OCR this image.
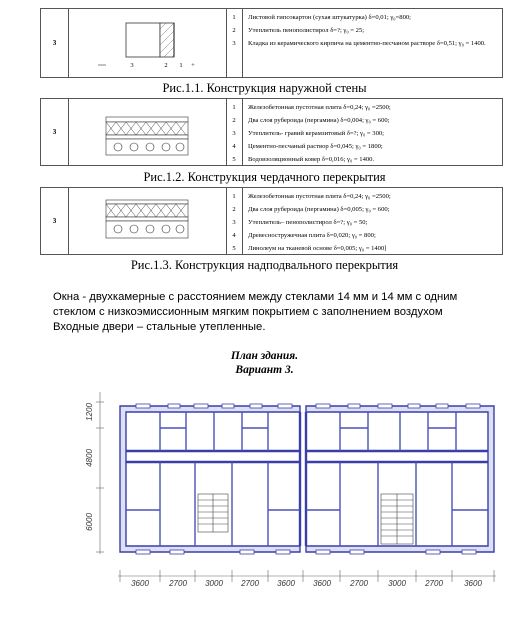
3
3	2 1 +
1	Листовой гипсокартон (сухая штукатурка) δ=0,01; γ₀=800;
2	Утеплитель пенополистирол δ=?; γ₀ = 25;
3	Кладка из керамического кирпича на цементно-песчаном растворе δ=0,51; γ₀ = 1400.
Рис.1.1. Конструкция наружной стены
3
1	Железобетонная пустотная плита δ=0,24; γ₀ =2500;
2	Два слоя рубероида (пергамина) δ=0,004; γ₀ = 600;
3	Утеплитель- гравий керамзитовый δ=?; γ₀ = 300;
4	Цементно-песчаный раствор δ=0,045; γ₀ = 1800;
5	Водоизоляционный ковер δ=0,016; γ₀ = 1400.
Рис.1.2. Конструкция чердачного перекрытия
3
1	Железобетонная пустотная плита δ=0,24; γ₀ =2500;
2	Два слоя рубероида (пергамина) δ=0,005; γ₀ = 600;
3	Утеплитель– пенополистирол δ=?; γ₀ = 50;
4	Древесностружечная плита δ=0,020; γ₀ = 800;
5	Линолеум на тканевой основе δ=0,005; γ₀ = 1400]
Рис.1.3. Конструкция надподвального перекрытия
Окна - двухкамерные с расстоянием между стеклами 14 мм и 14 мм с одним
стеклом с низкоэмиссионным мягким покрытием с заполнением воздухом
Входные двери – стальные утепленные.
План здания.
Вариант 3.
1200
4800
6000
3600	2700 3000 2700 3600 3600 2700	3000 2700	3600
